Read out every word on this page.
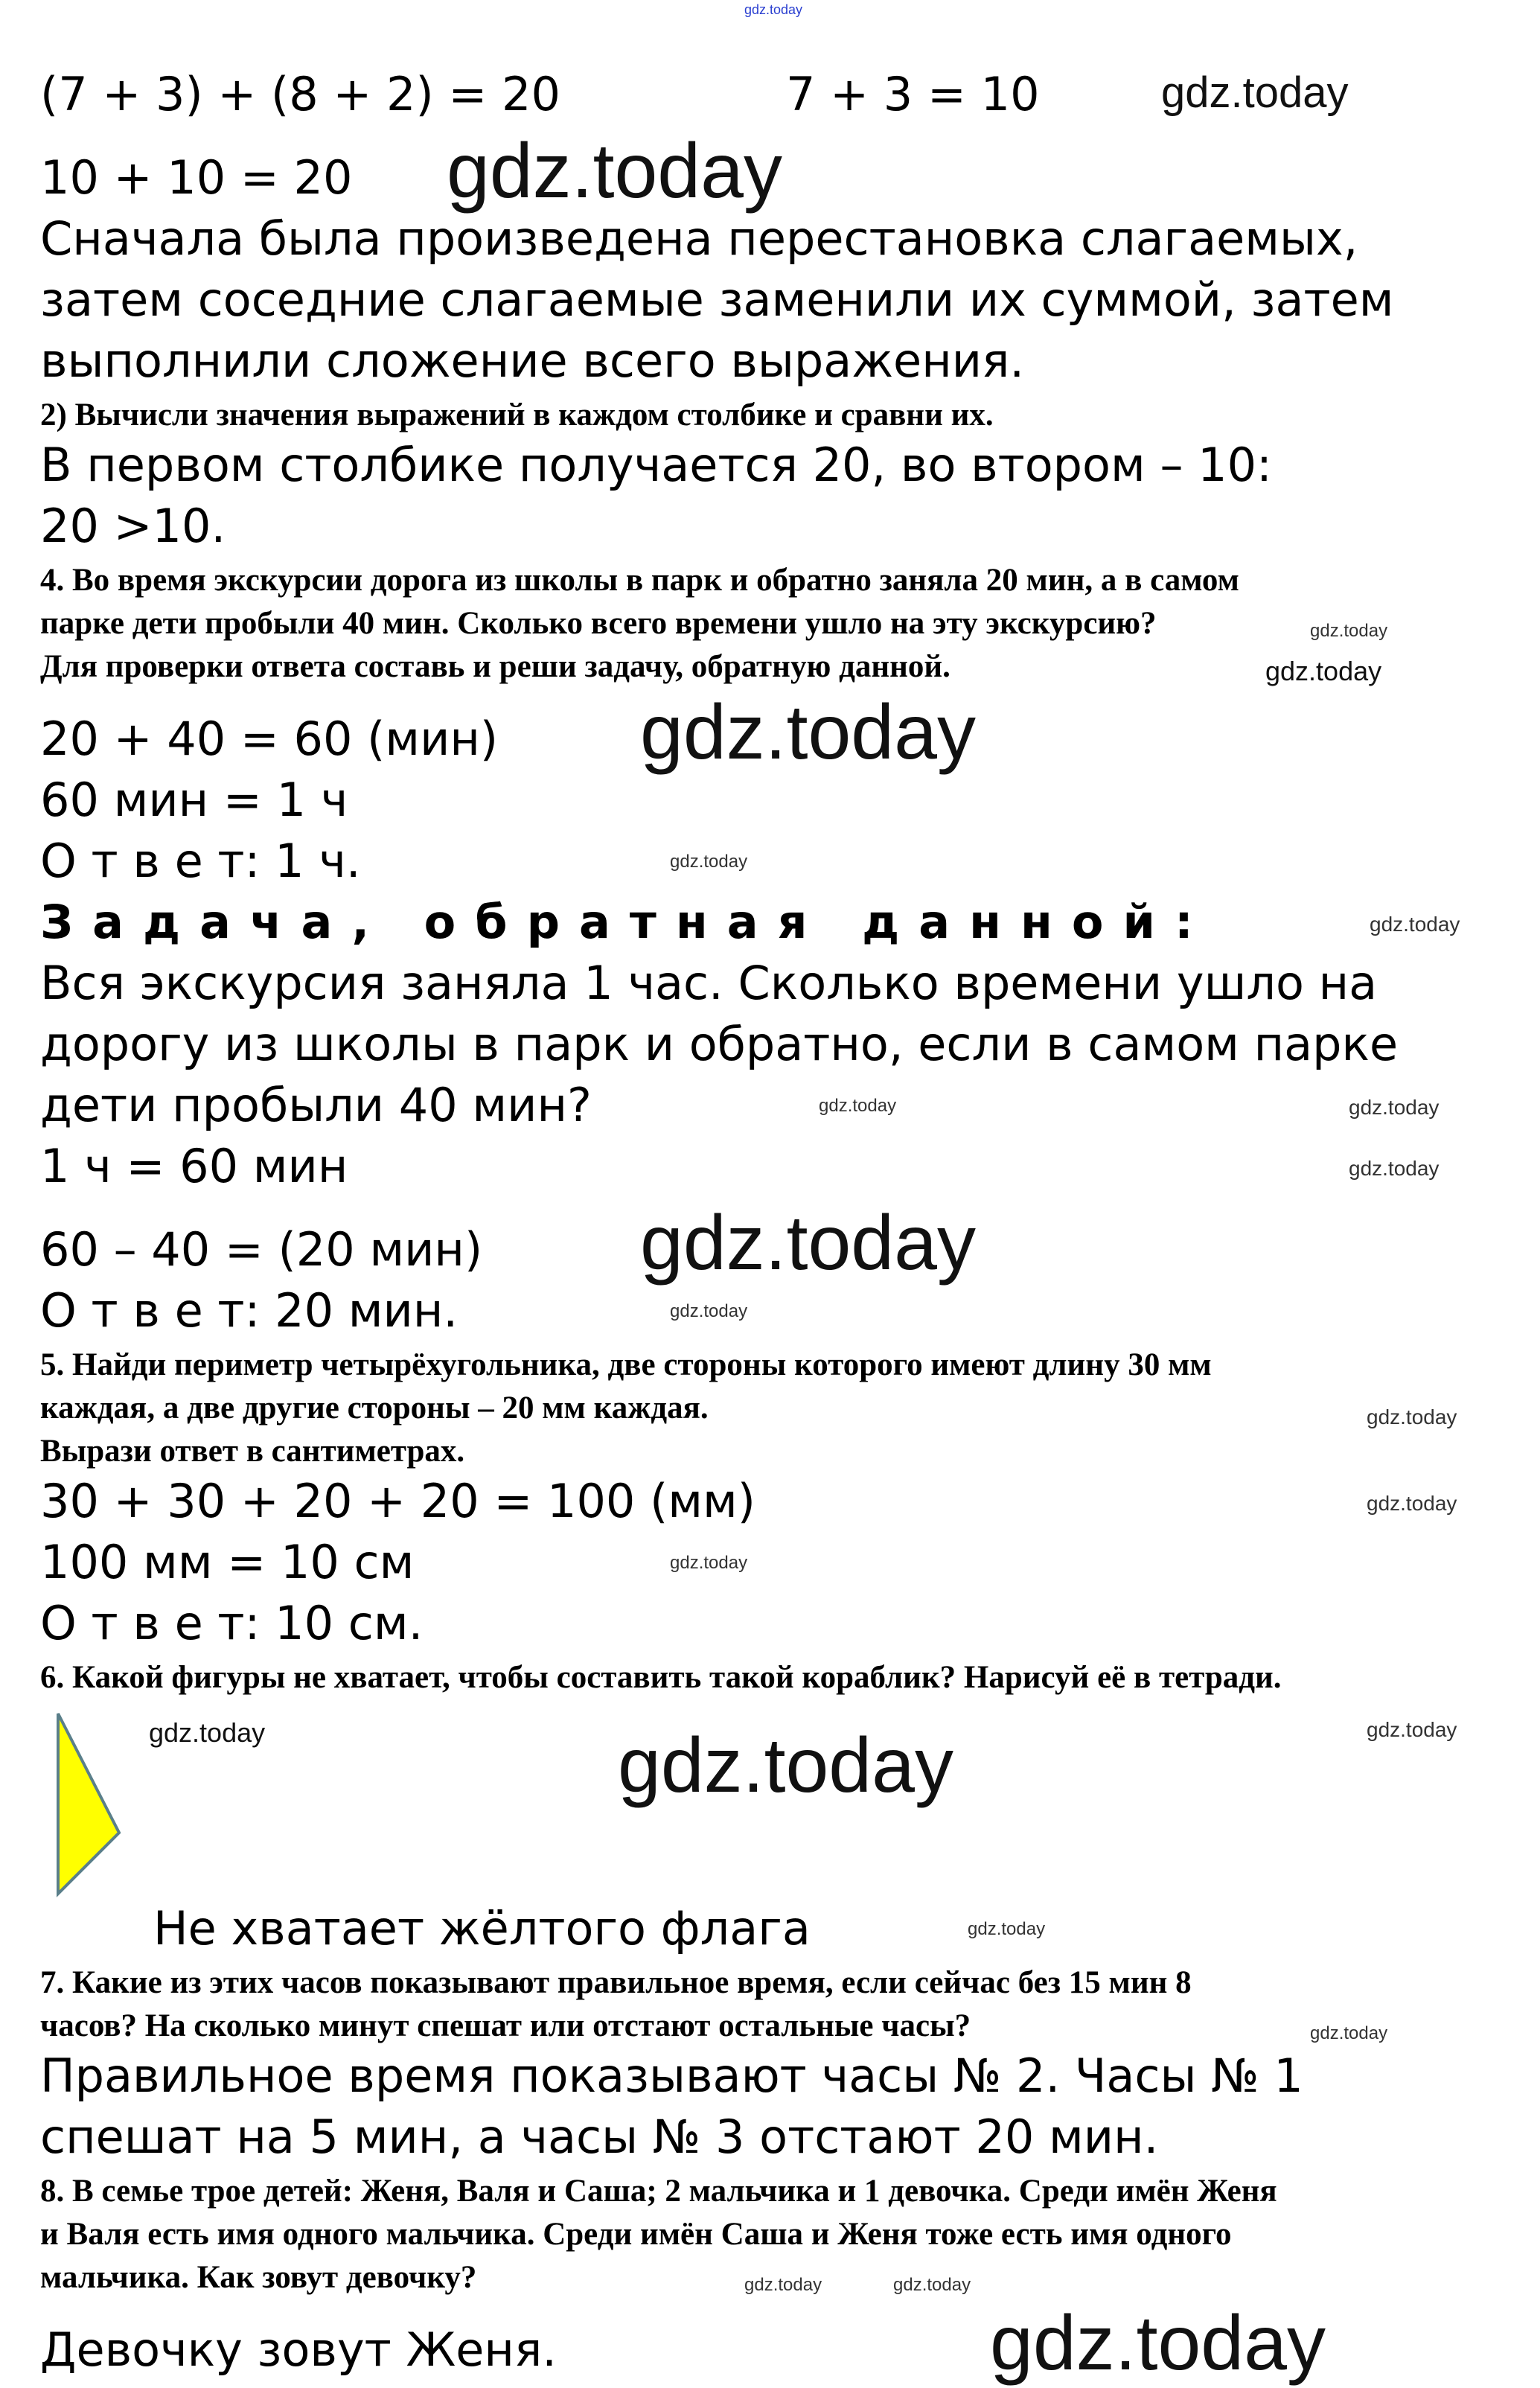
gdz.today
(7 + 3) + (8 + 2) = 20	7 + 3 = 10	gdz.today
10 + 10 = 20 gdz.today
Сначала была произведена перестановка слагаемых,
затем соседние слагаемые заменили их суммой, затем
выполнили сложение всего выражения.
2) Вычисли значения выражений в каждом столбике и сравни их.
В первом столбике получается 20, во втором – 10:
20 >10.
4. Во время экскурсии дорога из школы в парк и обратно заняла 20 мин, а в самом
парке дети пробыли 40 мин. Сколько всего времени ушло на эту экскурсию?	gdz.today
Для проверки ответа составь и реши задачу, обратную данной.	gdz.today
20 + 40 = 60 (мин) gdz.today
60 мин = 1 ч
О т в е т: 1 ч.	gdz.today
Задача, обратная данной:	gdz.today
Вся экскурсия заняла 1 час. Сколько времени ушло на
дорогу из школы в парк и обратно, если в самом парке
дети пробыли 40 мин?	gdz.today	gdz.today
1 ч = 60 мин	gdz.today
60 – 40 = (20 мин) gdz.today
О т в е т: 20 мин.	gdz.today
5. Найди периметр четырёхугольника, две стороны которого имеют длину 30 мм
каждая, а две другие стороны – 20 мм каждая.	gdz.today
Вырази ответ в сантиметрах.
30 + 30 + 20 + 20 = 100 (мм)	gdz.today
100 мм = 10 см	gdz.today
О т в е т: 10 см.
6. Какой фигуры не хватает, чтобы составить такой кораблик? Нарисуй её в тетради.
gdz.today	gdz.today	gdz.today
Не хватает жёлтого флага	gdz.today
7. Какие из этих часов показывают правильное время, если сейчас без 15 мин 8
часов? На сколько минут спешат или отстают остальные часы?	gdz.today
Правильное время показывают часы № 2. Часы № 1
спешат на 5 мин, а часы № 3 отстают 20 мин.
8. В семье трое детей: Женя, Валя и Саша; 2 мальчика и 1 девочка. Среди имён Женя
и Валя есть имя одного мальчика. Среди имён Саша и Женя тоже есть имя одного
мальчика. Как зовут девочку?	gdz.today	gdz.today
Девочку зовут Женя.	gdz.today
